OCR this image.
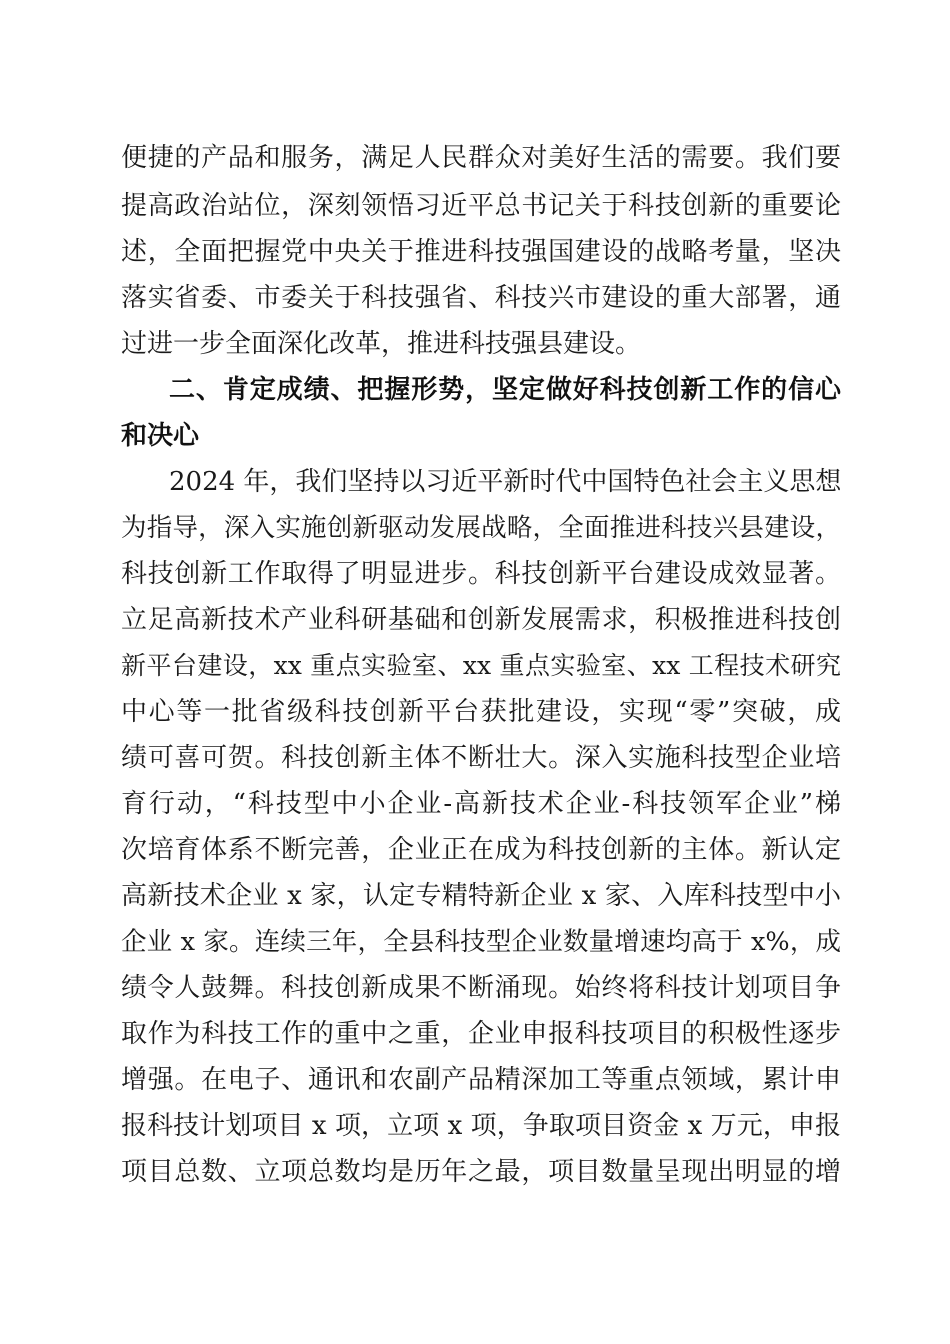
便捷的产品和服务，满足人民群众对美好生活的需要。我们要

提高政治站位，深刻领悟习近平总书记关于科技创新的重要论

述，全面把握党中央关于推进科技强国建设的战略考量，坚决

落实省委、市委关于科技强省、科技兴市建设的重大部署，通

过进一步全面深化改革，推进科技强县建设。

二、肯定成绩、把握形势，坚定做好科技创新工作的信心

和决心

2024 年，我们坚持以习近平新时代中国特色社会主义思想

为指导，深入实施创新驱动发展战略，全面推进科技兴县建设，

科技创新工作取得了明显进步。科技创新平台建设成效显著。

立足高新技术产业科研基础和创新发展需求，积极推进科技创

新平台建设，xx 重点实验室、xx 重点实验室、xx 工程技术研究

中心等一批省级科技创新平台获批建设，实现“零”突破，成

绩可喜可贺。科技创新主体不断壮大。深入实施科技型企业培

育行动，“科技型中小企业-高新技术企业-科技领军企业”梯

次培育体系不断完善，企业正在成为科技创新的主体。新认定

高新技术企业 x 家，认定专精特新企业 x 家、入库科技型中小

企业 x 家。连续三年，全县科技型企业数量增速均高于 x%，成

绩令人鼓舞。科技创新成果不断涌现。始终将科技计划项目争

取作为科技工作的重中之重，企业申报科技项目的积极性逐步

增强。在电子、通讯和农副产品精深加工等重点领域，累计申

报科技计划项目 x 项，立项 x 项，争取项目资金 x 万元，申报

项目总数、立项总数均是历年之最，项目数量呈现出明显的增
